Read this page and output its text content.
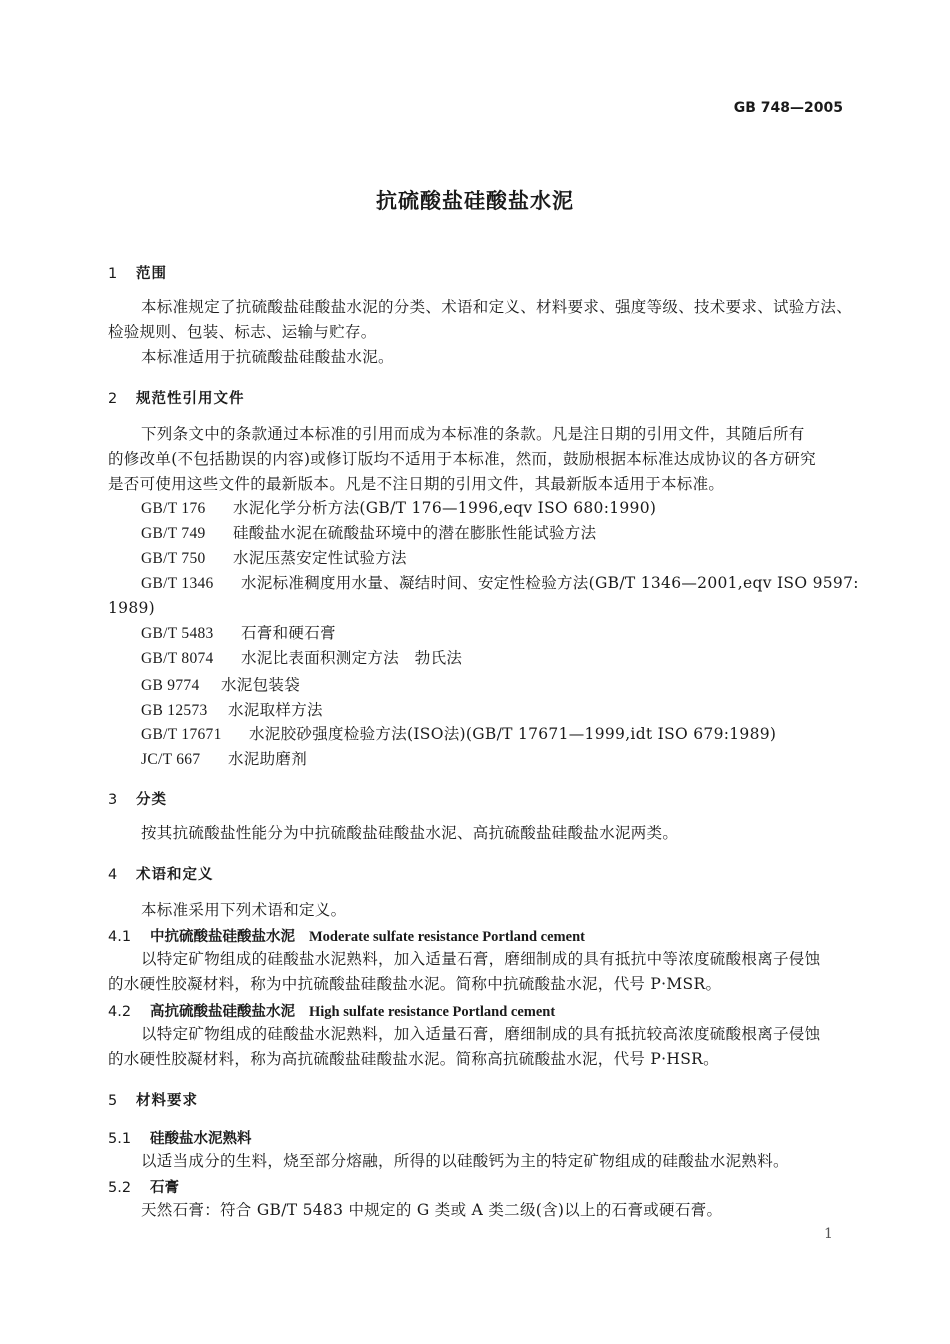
GB 748—2005
抗硫酸盐硅酸盐水泥
1 范围
本标准规定了抗硫酸盐硅酸盐水泥的分类、术语和定义、材料要求、强度等级、技术要求、试验方法、
检验规则、包装、标志、运输与贮存。
本标准适用于抗硫酸盐硅酸盐水泥。
2 规范性引用文件
下列条文中的条款通过本标准的引用而成为本标准的条款。凡是注日期的引用文件，其随后所有
的修改单(不包括勘误的内容)或修订版均不适用于本标准，然而，鼓励根据本标准达成协议的各方研究
是否可使用这些文件的最新版本。凡是不注日期的引用文件，其最新版本适用于本标准。
GB/T 176 水泥化学分析方法(GB/T 176—1996,eqv ISO 680:1990)
GB/T 749 硅酸盐水泥在硫酸盐环境中的潜在膨胀性能试验方法
GB/T 750 水泥压蒸安定性试验方法
GB/T 1346 水泥标准稠度用水量、凝结时间、安定性检验方法(GB/T 1346—2001,eqv ISO 9597:
1989)
GB/T 5483 石膏和硬石膏
GB/T 8074 水泥比表面积测定方法　勃氏法
GB 9774 水泥包装袋
GB 12573 水泥取样方法
GB/T 17671 水泥胶砂强度检验方法(ISO法)(GB/T 17671—1999,idt ISO 679:1989)
JC/T 667 水泥助磨剂
3 分类
按其抗硫酸盐性能分为中抗硫酸盐硅酸盐水泥、高抗硫酸盐硅酸盐水泥两类。
4 术语和定义
本标准采用下列术语和定义。
4.1 中抗硫酸盐硅酸盐水泥 Moderate sulfate resistance Portland cement
以特定矿物组成的硅酸盐水泥熟料，加入适量石膏，磨细制成的具有抵抗中等浓度硫酸根离子侵蚀
的水硬性胶凝材料，称为中抗硫酸盐硅酸盐水泥。简称中抗硫酸盐水泥，代号 P·MSR。
4.2 高抗硫酸盐硅酸盐水泥 High sulfate resistance Portland cement
以特定矿物组成的硅酸盐水泥熟料，加入适量石膏，磨细制成的具有抵抗较高浓度硫酸根离子侵蚀
的水硬性胶凝材料，称为高抗硫酸盐硅酸盐水泥。简称高抗硫酸盐水泥，代号 P·HSR。
5 材料要求
5.1 硅酸盐水泥熟料
以适当成分的生料，烧至部分熔融，所得的以硅酸钙为主的特定矿物组成的硅酸盐水泥熟料。
5.2 石膏
天然石膏：符合 GB/T 5483 中规定的 G 类或 A 类二级(含)以上的石膏或硬石膏。
1
